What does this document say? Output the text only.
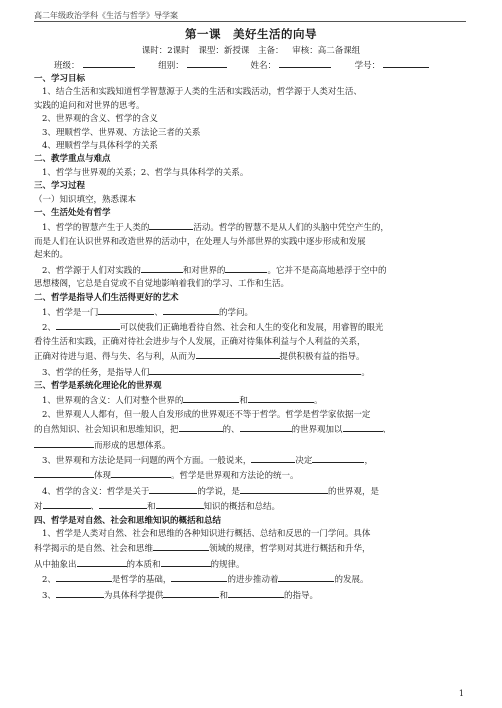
高二年级政治学科《生活与哲学》导学案
第一课　美好生活的向导
课时：2课时 课型：新授课 主备： 审核：高二备课组
班级：	组别：	姓名：	学号：

一、学习目标

1、结合生活和实践知道哲学智慧源于人类的生活和实践活动，哲学源于人类对生活、

实践的追问和对世界的思考。

2、世界观的含义、哲学的含义

3、理顺哲学、世界观、方法论三者的关系

4、理顺哲学与具体科学的关系

二、教学重点与难点

1、哲学与世界观的关系；2、哲学与具体科学的关系。

三、学习过程

（一）知识填空，熟悉课本

一、生活处处有哲学

1、哲学的智慧产生于人类的	活动。哲学的智慧不是从人们的头脑中凭空产生的，

而是人们在认识世界和改造世界的活动中，在处理人与外部世界的实践中逐步形成和发展

起来的。

2、哲学源于人们对实践的	和对世界的	。它并不是高高地悬浮于空中的

思想楼阁，它总是自觉或不自觉地影响着我们的学习、工作和生活。

二、哲学是指导人们生活得更好的艺术

1、哲学是一门	、	的学问。

2、	可以使我们正确地看待自然、社会和人生的变化和发展，用睿智的眼光

看待生活和实践，正确对待社会进步与个人发展，正确对待集体利益与个人利益的关系，

正确对待进与退、得与失、名与利，从而为	提供积极有益的指导。

3、哲学的任务，是指导人们	。

三、哲学是系统化理论化的世界观

1、世界观的含义：人们对整个世界的	和	。

2、世界观人人都有，但一般人自发形成的世界观还不等于哲学。哲学是哲学家依据一定

的自然知识、社会知识和思维知识，把	的、	的世界观加以	、

而形成的思想体系。

3、世界观和方法论是同一问题的两个方面。一般说来，	决定	，

体现	。哲学是世界观和方法论的统一。

4、哲学的含义：哲学是关于	的学说，是	的世界观，是

对	、	和	知识的概括和总结。

四、哲学是对自然、社会和思维知识的概括和总结

1、哲学是人类对自然、社会和思维的各种知识进行概括、总结和反思的一门学问。具体

科学揭示的是自然、社会和思维	领域的规律，哲学则对其进行概括和升华，

从中抽象出	的本质和	的规律。

2、	是哲学的基础，	的进步推动着	的发展。

3、	为具体科学提供	和	的指导。

1
